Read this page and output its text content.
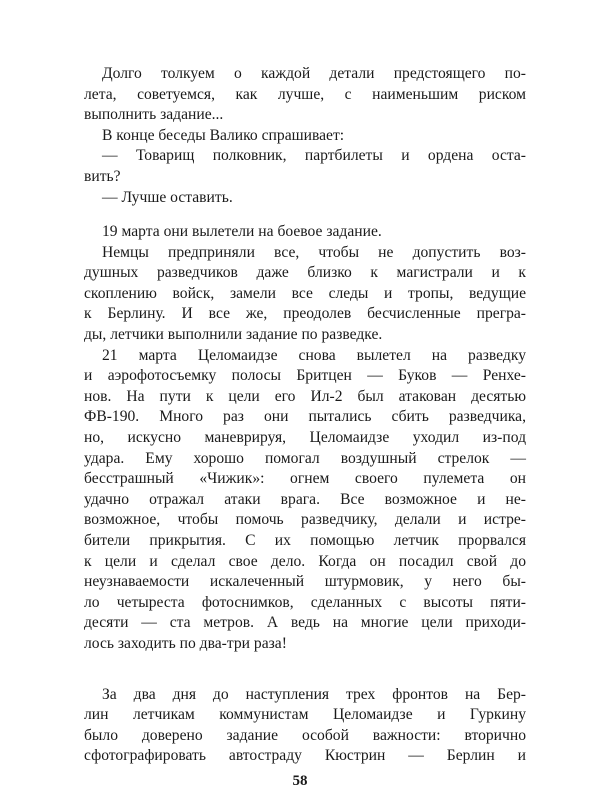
Долго толкуем о каждой детали предстоящего по-
лета, советуемся, как лучше, с наименьшим риском
выполнить задание...
В конце беседы Валико спрашивает:
— Товарищ полковник, партбилеты и ордена оста-
вить?
— Лучше оставить.
19 марта они вылетели на боевое задание.
Немцы предприняли все, чтобы не допустить воз-
душных разведчиков даже близко к магистрали и к
скоплению войск, замели все следы и тропы, ведущие
к Берлину. И все же, преодолев бесчисленные прегра-
ды, летчики выполнили задание по разведке.
21 марта Целомаидзе снова вылетел на разведку
и аэрофотосъемку полосы Бритцен — Буков — Ренхе-
нов. На пути к цели его Ил-2 был атакован десятью
ФВ-190. Много раз они пытались сбить разведчика,
но, искусно маневрируя, Целомаидзе уходил из-под
удара. Ему хорошо помогал воздушный стрелок —
бесстрашный «Чижик»: огнем своего пулемета он
удачно отражал атаки врага. Все возможное и не-
возможное, чтобы помочь разведчику, делали и истре-
бители прикрытия. С их помощью летчик прорвался
к цели и сделал свое дело. Когда он посадил свой до
неузнаваемости искалеченный штурмовик, у него бы-
ло четыреста фотоснимков, сделанных с высоты пяти-
десяти — ста метров. А ведь на многие цели приходи-
лось заходить по два-три раза!
За два дня до наступления трех фронтов на Бер-
лин летчикам коммунистам Целомаидзе и Гуркину
было доверено задание особой важности: вторично
сфотографировать автостраду Кюстрин — Берлин и
58
